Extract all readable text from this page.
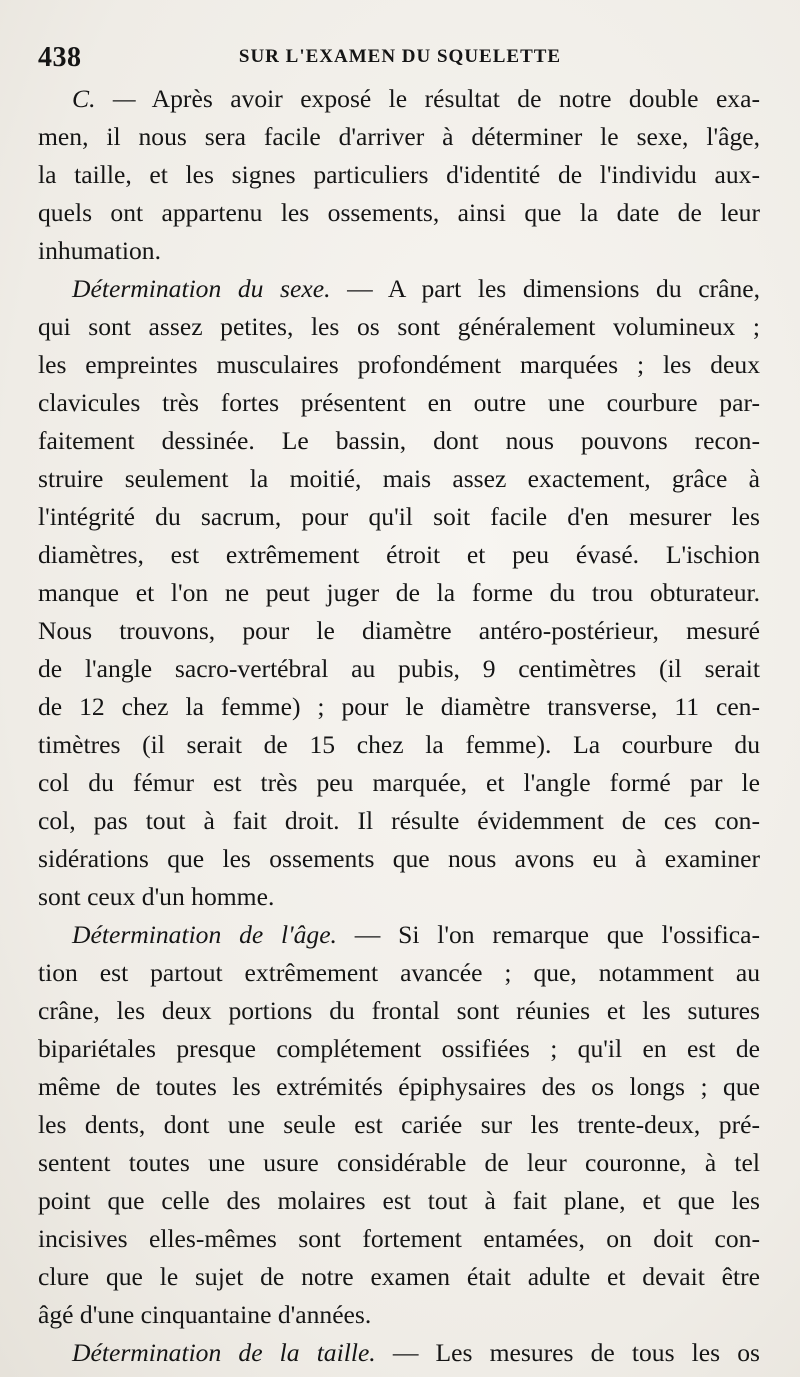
438	SUR L'EXAMEN DU SQUELETTE
C. — Après avoir exposé le résultat de notre double exa-
men, il nous sera facile d'arriver à déterminer le sexe, l'âge,
la taille, et les signes particuliers d'identité de l'individu aux-
quels ont appartenu les ossements, ainsi que la date de leur
inhumation.
Détermination du sexe. — A part les dimensions du crâne,
qui sont assez petites, les os sont généralement volumineux ;
les empreintes musculaires profondément marquées ; les deux
clavicules très fortes présentent en outre une courbure par-
faitement dessinée. Le bassin, dont nous pouvons recon-
struire seulement la moitié, mais assez exactement, grâce à
l'intégrité du sacrum, pour qu'il soit facile d'en mesurer les
diamètres, est extrêmement étroit et peu évasé. L'ischion
manque et l'on ne peut juger de la forme du trou obturateur.
Nous trouvons, pour le diamètre antéro-postérieur, mesuré
de l'angle sacro-vertébral au pubis, 9 centimètres (il serait
de 12 chez la femme) ; pour le diamètre transverse, 11 cen-
timètres (il serait de 15 chez la femme). La courbure du
col du fémur est très peu marquée, et l'angle formé par le
col, pas tout à fait droit. Il résulte évidemment de ces con-
sidérations que les ossements que nous avons eu à examiner
sont ceux d'un homme.
Détermination de l'âge. — Si l'on remarque que l'ossifica-
tion est partout extrêmement avancée ; que, notamment au
crâne, les deux portions du frontal sont réunies et les sutures
bipariétales presque complétement ossifiées ; qu'il en est de
même de toutes les extrémités épiphysaires des os longs ; que
les dents, dont une seule est cariée sur les trente-deux, pré-
sentent toutes une usure considérable de leur couronne, à tel
point que celle des molaires est tout à fait plane, et que les
incisives elles-mêmes sont fortement entamées, on doit con-
clure que le sujet de notre examen était adulte et devait être
âgé d'une cinquantaine d'années.
Détermination de la taille. — Les mesures de tous les os
